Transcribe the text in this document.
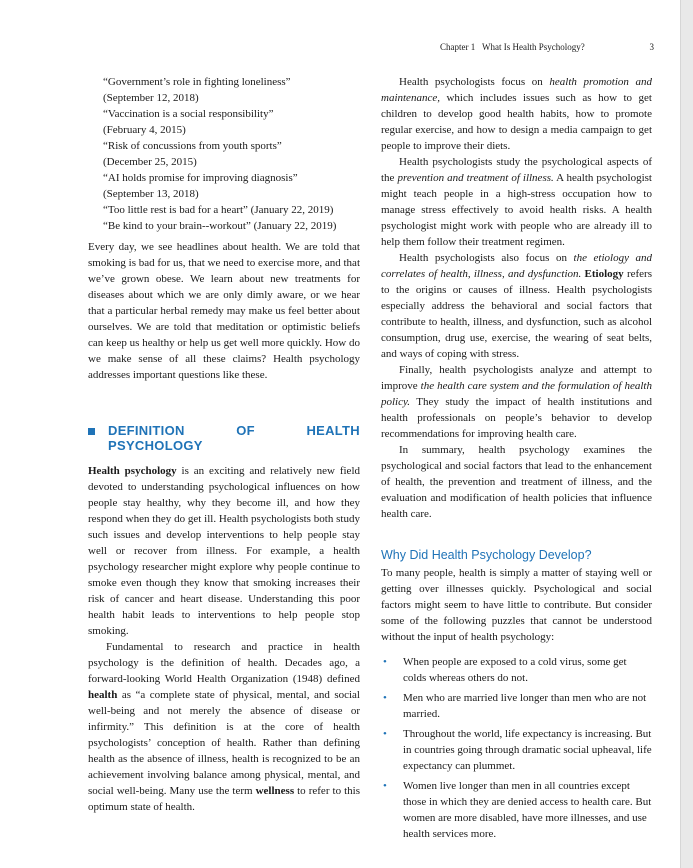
Chapter 1 What Is Health Psychology?	3

“Government’s role in fighting loneliness”
(September 12, 2018)

“Vaccination is a social responsibility”
(February 4, 2015)

“Risk of concussions from youth sports”
(December 25, 2015)

“AI holds promise for improving diagnosis”
(September 13, 2018)

“Too little rest is bad for a heart” (January 22, 2019)

“Be kind to your brain--workout” (January 22, 2019)

Every day, we see headlines about health. We are told that smoking is bad for us, that we need to exercise more, and that we’ve grown obese. We learn about new treatments for diseases about which we are only dimly aware, or we hear that a particular herbal remedy may make us feel better about ourselves. We are told that meditation or optimistic beliefs can keep us healthy or help us get well more quickly. How do we make sense of all these claims? Health psychology addresses important questions like these.

DEFINITION OF HEALTH PSYCHOLOGY

Health psychology is an exciting and relatively new field devoted to understanding psychological influences on how people stay healthy, why they become ill, and how they respond when they do get ill. Health psychologists both study such issues and develop interventions to help people stay well or recover from illness. For example, a health psychology researcher might explore why people continue to smoke even though they know that smoking increases their risk of cancer and heart disease. Understanding this poor health habit leads to interventions to help people stop smoking.

Fundamental to research and practice in health psychology is the definition of health. Decades ago, a forward-looking World Health Organization (1948) defined health as “a complete state of physical, mental, and social well-being and not merely the absence of disease or infirmity.” This definition is at the core of health psychologists’ conception of health. Rather than defining health as the absence of illness, health is recognized to be an achievement involving balance among physical, mental, and social well-being. Many use the term wellness to refer to this optimum state of health.

Health psychologists focus on health promotion and maintenance, which includes issues such as how to get children to develop good health habits, how to promote regular exercise, and how to design a media campaign to get people to improve their diets.

Health psychologists study the psychological aspects of the prevention and treatment of illness. A health psychologist might teach people in a high-stress occupation how to manage stress effectively to avoid health risks. A health psychologist might work with people who are already ill to help them follow their treatment regimen.

Health psychologists also focus on the etiology and correlates of health, illness, and dysfunction. Etiology refers to the origins or causes of illness. Health psychologists especially address the behavioral and social factors that contribute to health, illness, and dysfunction, such as alcohol consumption, drug use, exercise, the wearing of seat belts, and ways of coping with stress.

Finally, health psychologists analyze and attempt to improve the health care system and the formulation of health policy. They study the impact of health institutions and health professionals on people’s behavior to develop recommendations for improving health care.

In summary, health psychology examines the psychological and social factors that lead to the enhancement of health, the prevention and treatment of illness, and the evaluation and modification of health policies that influence health care.

Why Did Health Psychology Develop?

To many people, health is simply a matter of staying well or getting over illnesses quickly. Psychological and social factors might seem to have little to contribute. But consider some of the following puzzles that cannot be understood without the input of health psychology:

• When people are exposed to a cold virus, some get colds whereas others do not.
• Men who are married live longer than men who are not married.
• Throughout the world, life expectancy is increasing. But in countries going through dramatic social upheaval, life expectancy can plummet.
• Women live longer than men in all countries except those in which they are denied access to health care. But women are more disabled, have more illnesses, and use health services more.
